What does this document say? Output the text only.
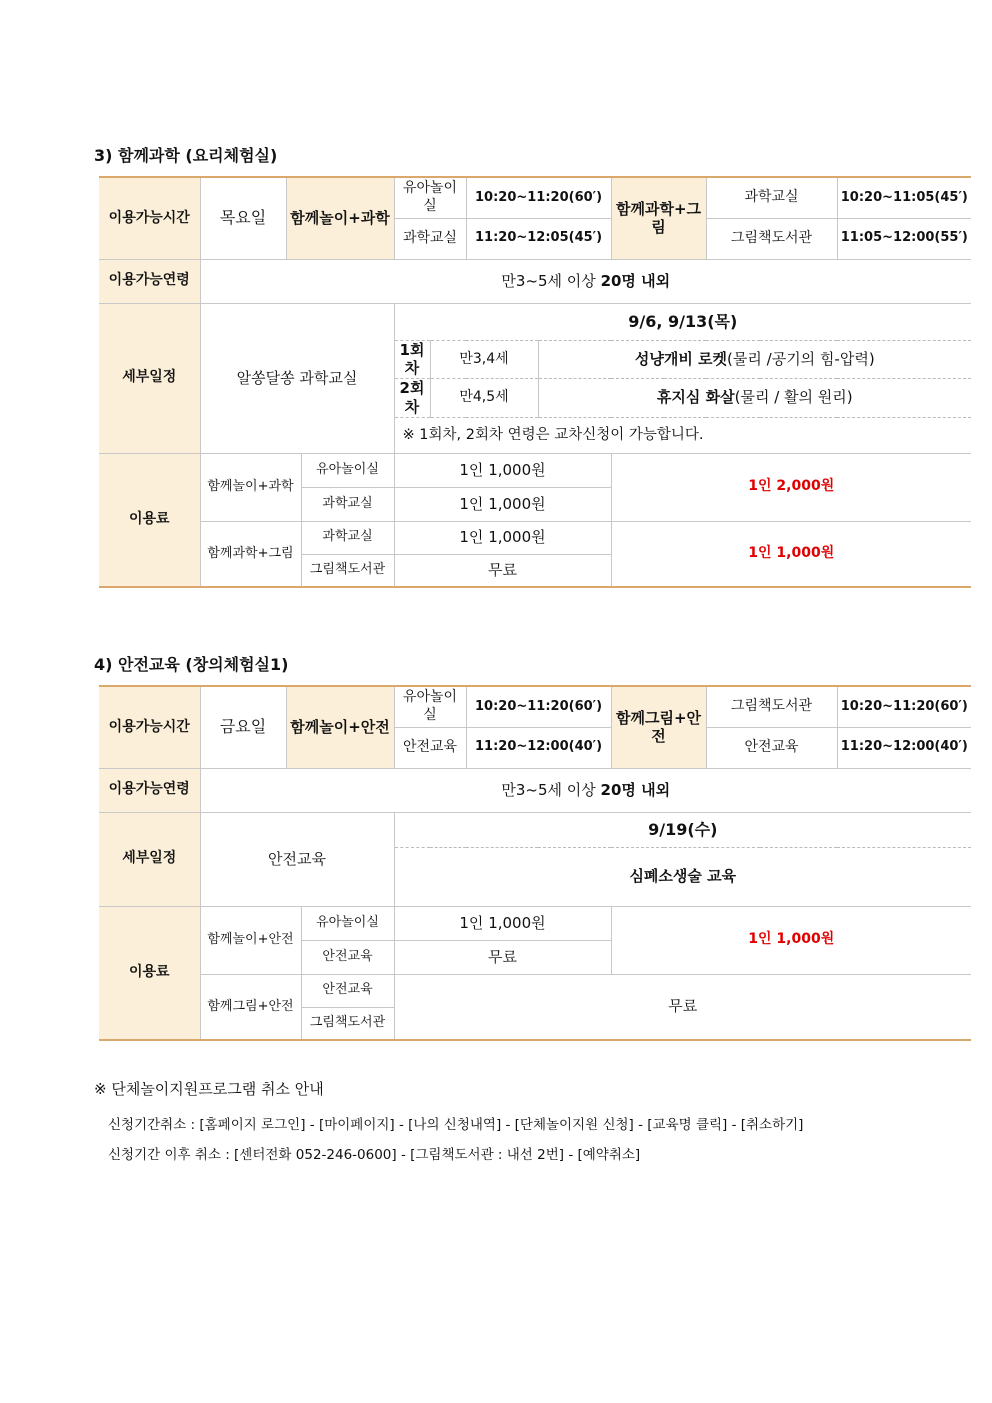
3) 함께과학 (요리체험실)
이용가능시간	목요일	함께놀이+과학		유아놀이실		10:20~11:20(60′)		함께과학+그림	과학교실	10:20~11:05(45′)
				과학교실		11:20~12:05(45′)			그림책도서관	11:05~12:00(55′)
이용가능연령	만3~5세 이상 20명 내외									
세부일정	알쏭달쏭 과학교실			9/6, 9/13(목)						
				1회차	만3,4세		성냥개비 로켓(물리 /공기의 힘-압력)			
				2회차	만4,5세		휴지심 화살(물리 / 활의 원리)			
				※ 1회차, 2회차 연령은 교차신청이 가능합니다.						
이용료	함께놀이+과학		유아놀이실	1인 1,000원				1인 2,000원		
			과학교실	1인 1,000원						
	함께과학+그림		과학교실	1인 1,000원				1인 1,000원		
			그림책도서관	무료						
4) 안전교육 (창의체험실1)
이용가능시간	금요일	함께놀이+안전		유아놀이실	10:20~11:20(60′)	함께그림+안전	그림책도서관	10:20~11:20(60′)
				안전교육	11:20~12:00(40′)		안전교육	11:20~12:00(40′)
이용가능연령	만3~5세 이상 20명 내외							
세부일정	안전교육			9/19(수)				
				심폐소생술 교육				
이용료	함께놀이+안전		유아놀이실	1인 1,000원		1인 1,000원		
			안전교육	무료				
	함께그림+안전		안전교육	무료				
			그림책도서관					
※ 단체놀이지원프로그램 취소 안내
신청기간취소 : [홈페이지 로그인] - [마이페이지] - [나의 신청내역] - [단체놀이지원 신청] - [교육명 클릭] - [취소하기]
신청기간 이후 취소 : [센터전화 052-246-0600] - [그림책도서관 : 내선 2번] - [예약취소]
